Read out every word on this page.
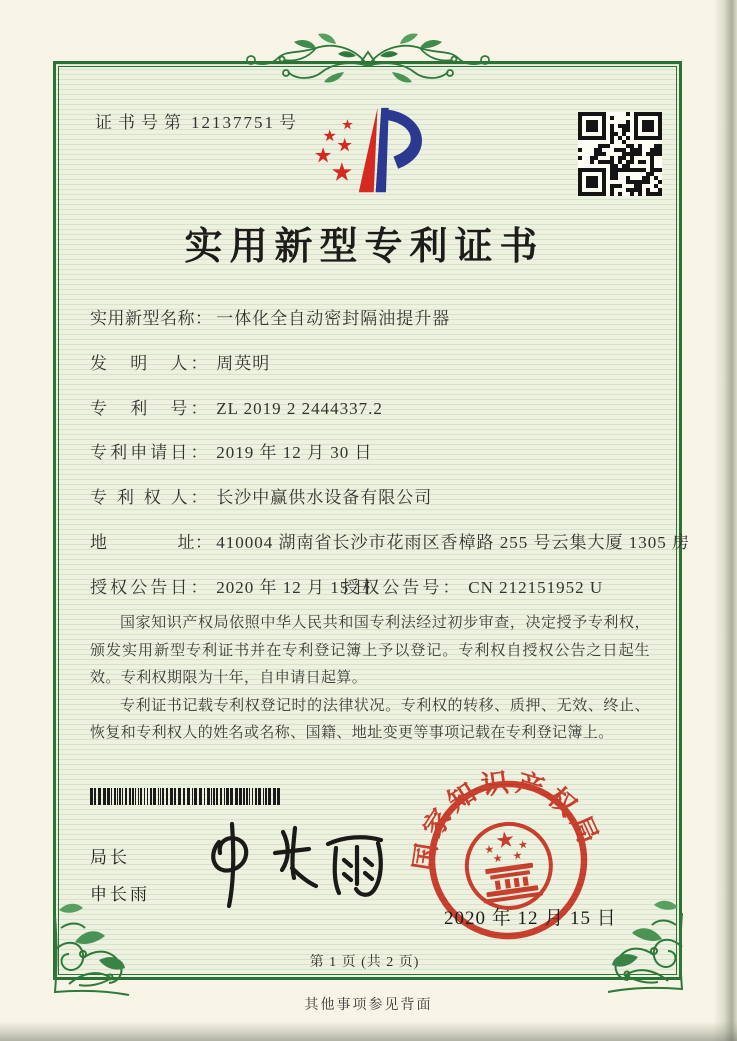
证书号第 12137751 号
实用新型专利证书
实用新型名称： 一体化全自动密封隔油提升器
发　明　人： 周英明
专　利　号： ZL 2019 2 2444337.2
专利申请日： 2019 年 12 月 30 日
专 利 权 人： 长沙中赢供水设备有限公司
地　　　　址： 410004 湖南省长沙市花雨区香樟路 255 号云集大厦 1305 房
授权公告日： 2020 年 12 月 15 日
授权公告号： CN 212151952 U

国家知识产权局依照中华人民共和国专利法经过初步审查，决定授予专利权，颁发实用新型专利证书并在专利登记簿上予以登记。专利权自授权公告之日起生效。专利权期限为十年，自申请日起算。

专利证书记载专利权登记时的法律状况。专利权的转移、质押、无效、终止、恢复和专利权人的姓名或名称、国籍、地址变更等事项记载在专利登记簿上。

局长
申长雨
国家知识产权局
2020 年 12 月 15 日
第 1 页 (共 2 页)
其他事项参见背面
